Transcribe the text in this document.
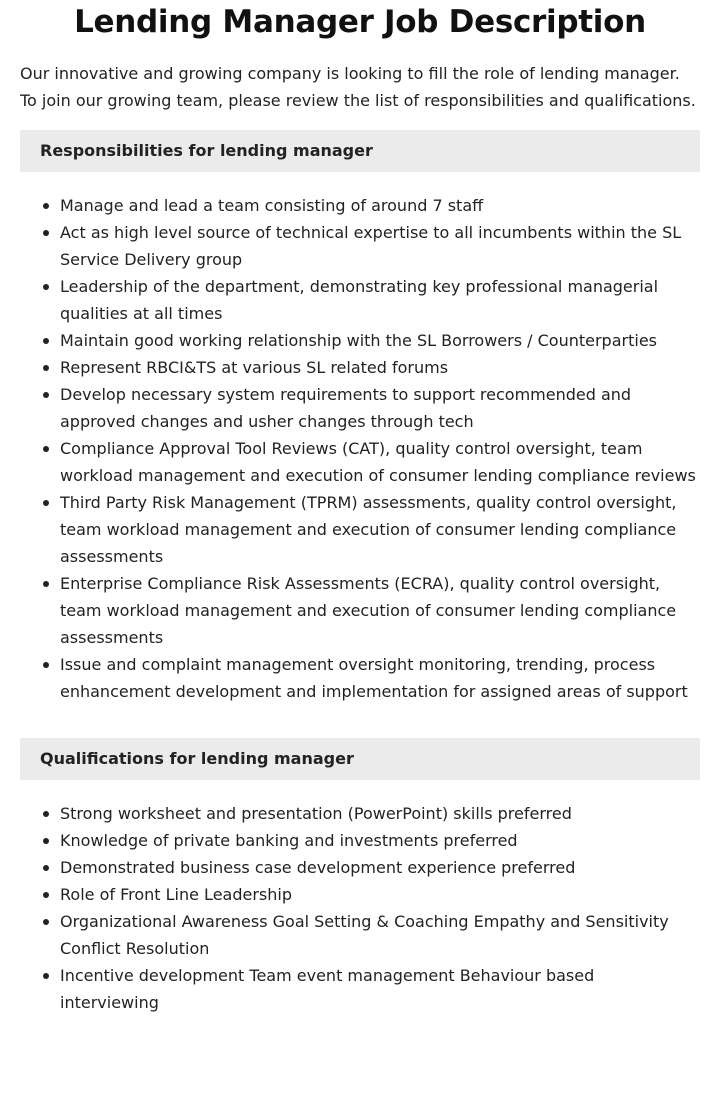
Lending Manager Job Description

Our innovative and growing company is looking to fill the role of lending manager. To join our growing team, please review the list of responsibilities and qualifications.

Responsibilities for lending manager
Manage and lead a team consisting of around 7 staff
Act as high level source of technical expertise to all incumbents within the SL Service Delivery group
Leadership of the department, demonstrating key professional managerial qualities at all times
Maintain good working relationship with the SL Borrowers / Counterparties
Represent RBCI&TS at various SL related forums
Develop necessary system requirements to support recommended and approved changes and usher changes through tech
Compliance Approval Tool Reviews (CAT), quality control oversight, team workload management and execution of consumer lending compliance reviews
Third Party Risk Management (TPRM) assessments, quality control oversight, team workload management and execution of consumer lending compliance assessments
Enterprise Compliance Risk Assessments (ECRA), quality control oversight, team workload management and execution of consumer lending compliance assessments
Issue and complaint management oversight monitoring, trending, process enhancement development and implementation for assigned areas of support
Qualifications for lending manager
Strong worksheet and presentation (PowerPoint) skills preferred
Knowledge of private banking and investments preferred
Demonstrated business case development experience preferred
Role of Front Line Leadership
Organizational Awareness Goal Setting & Coaching Empathy and Sensitivity Conflict Resolution
Incentive development Team event management Behaviour based interviewing
